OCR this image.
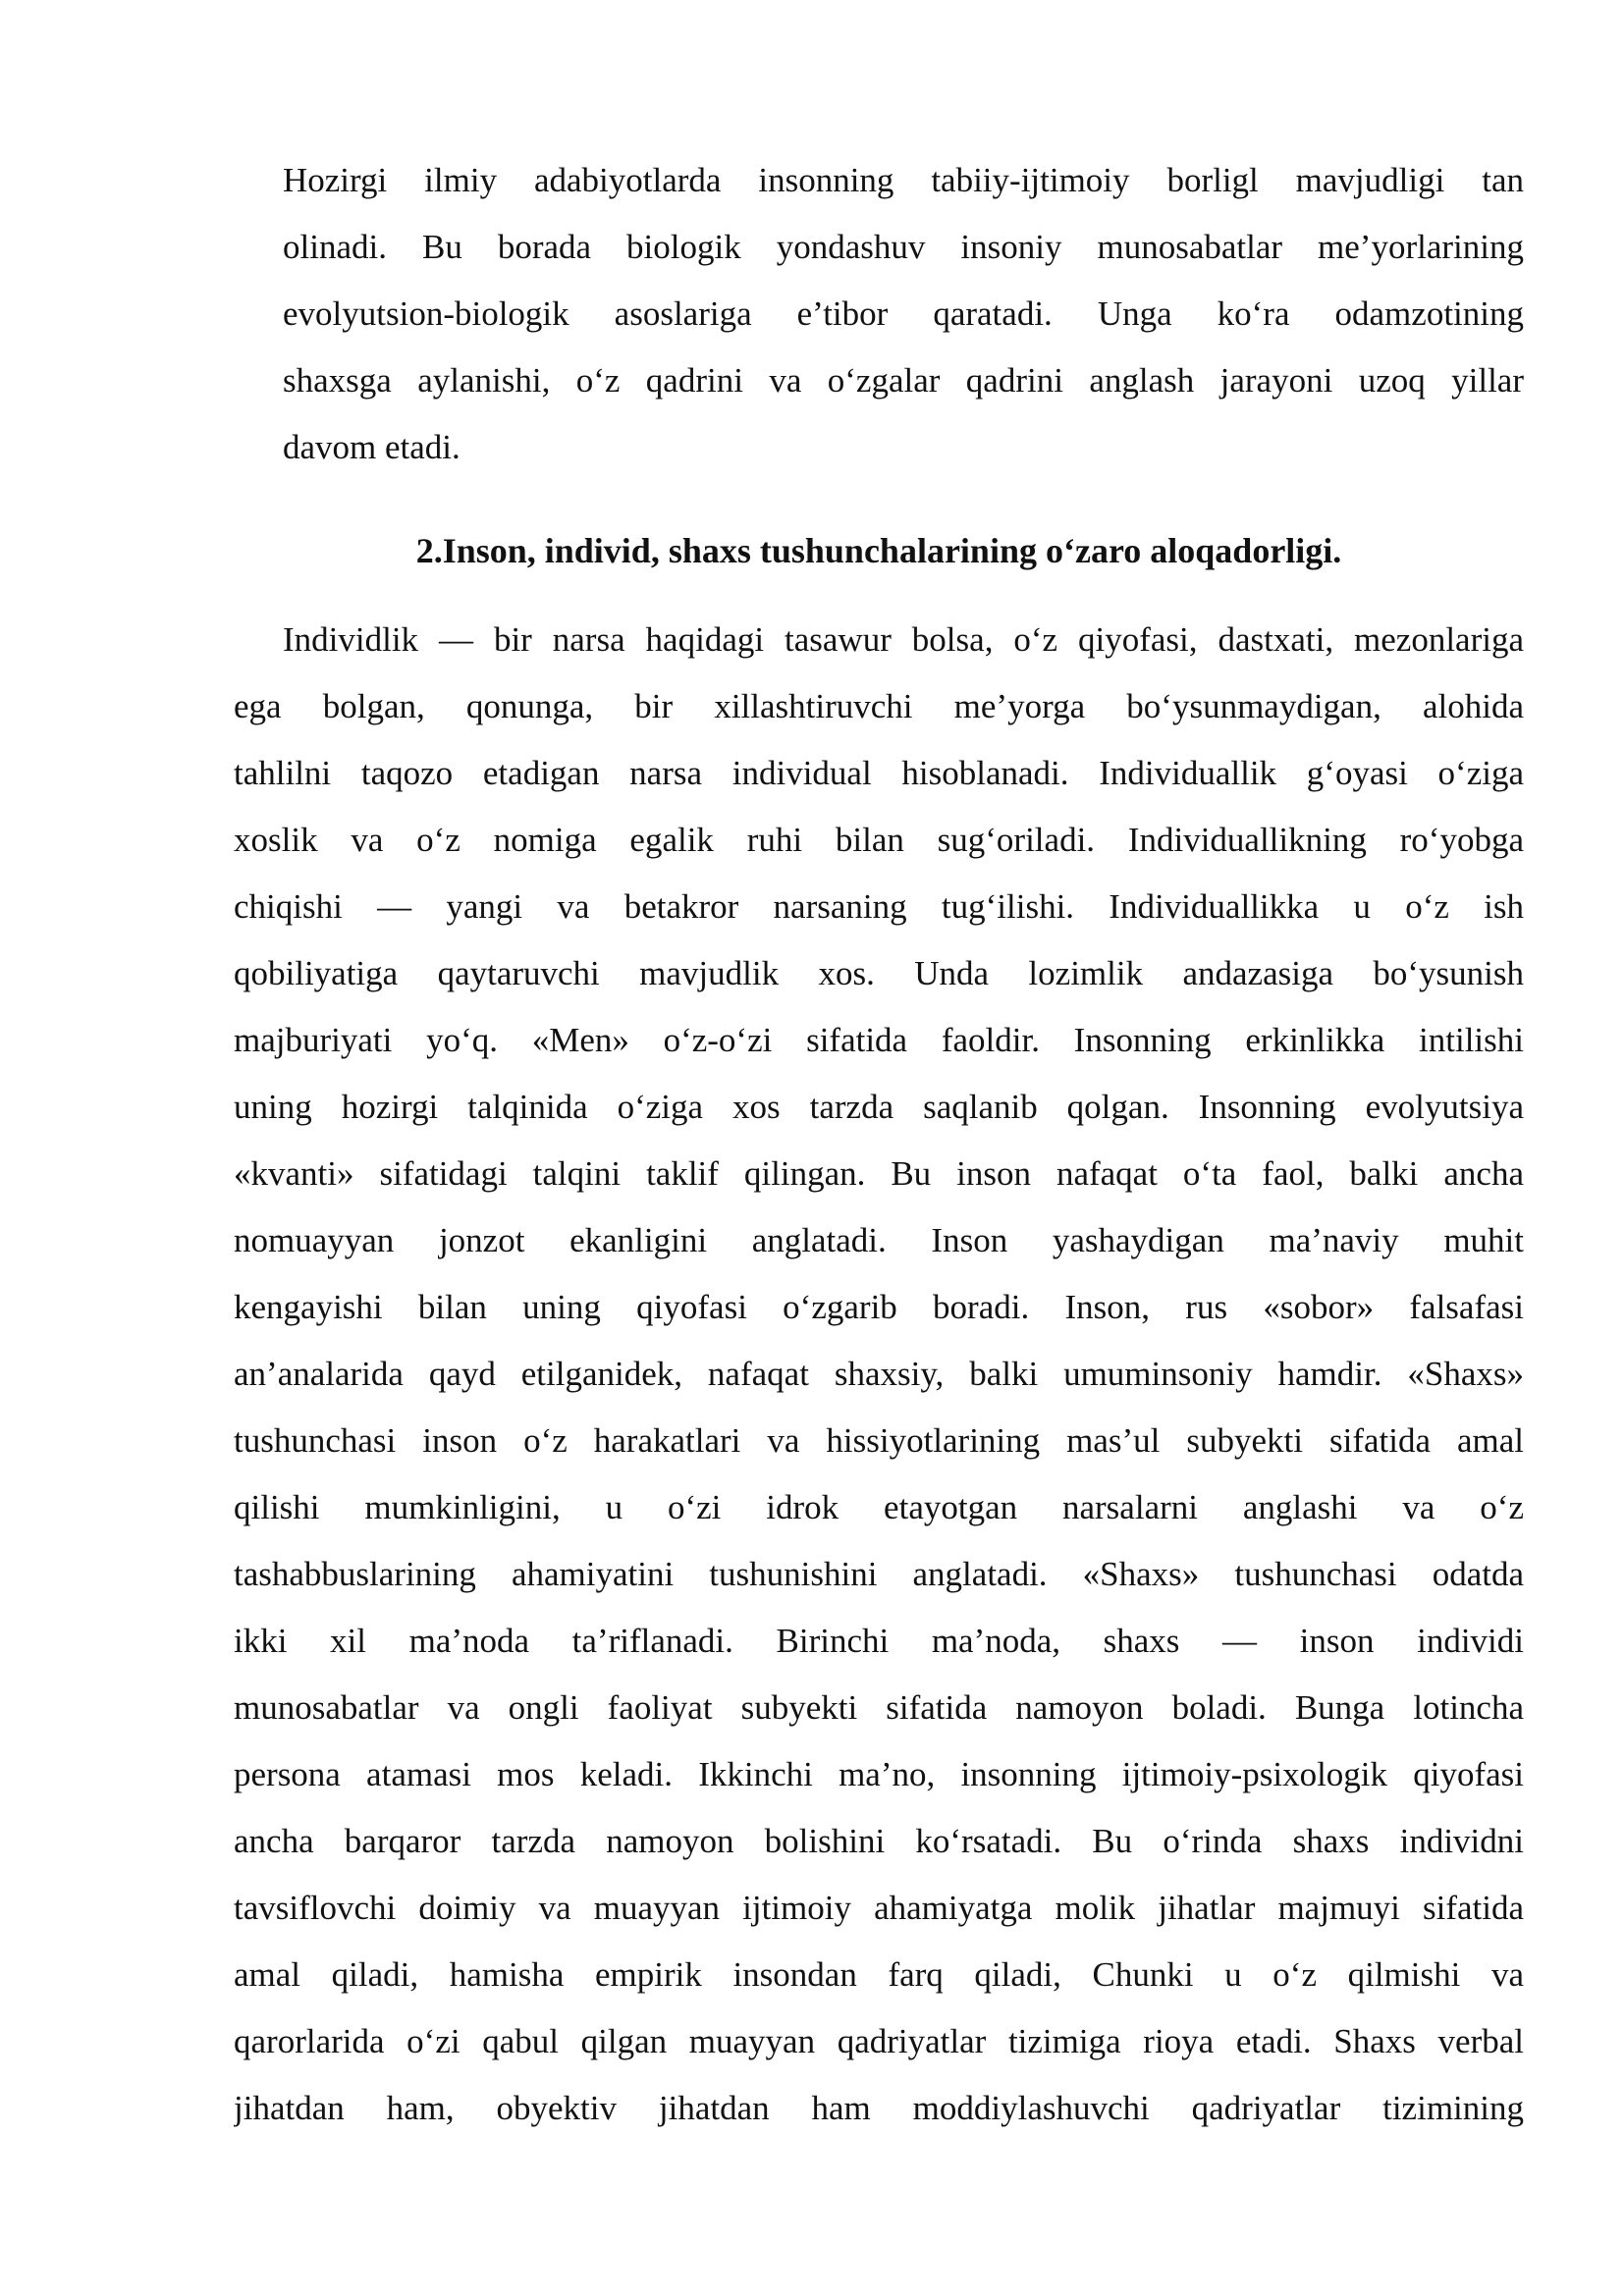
Hozirgi ilmiy adabiyotlarda insonning tabiiy-ijtimoiy borligl mavjudligi tan
olinadi. Bu borada biologik yondashuv insoniy munosabatlar me’yorlarining
evolyutsion-biologik asoslariga e’tibor qaratadi. Unga ko‘ra odamzotining
shaxsga aylanishi, o‘z qadrini va o‘zgalar qadrini anglash jarayoni uzoq yillar
davom etadi.
2.Inson, individ, shaxs tushunchalarining o‘zaro aloqadorligi.
Individlik — bir narsa haqidagi tasawur bolsa, o‘z qiyofasi, dastxati, mezonlariga
ega bolgan, qonunga, bir xillashtiruvchi me’yorga bo‘ysunmaydigan, alohida
tahlilni taqozo etadigan narsa individual hisoblanadi. Individuallik g‘oyasi o‘ziga
xoslik va o‘z nomiga egalik ruhi bilan sug‘oriladi. Individuallikning ro‘yobga
chiqishi — yangi va betakror narsaning tug‘ilishi. Individuallikka u o‘z ish
qobiliyatiga qaytaruvchi mavjudlik xos. Unda lozimlik andazasiga bo‘ysunish
majburiyati yo‘q. «Men» o‘z-o‘zi sifatida faoldir. Insonning erkinlikka intilishi
uning hozirgi talqinida o‘ziga xos tarzda saqlanib qolgan. Insonning evolyutsiya
«kvanti» sifatidagi talqini taklif qilingan. Bu inson nafaqat o‘ta faol, balki ancha
nomuayyan jonzot ekanligini anglatadi. Inson yashaydigan ma’naviy muhit
kengayishi bilan uning qiyofasi o‘zgarib boradi. Inson, rus «sobor» falsafasi
an’analarida qayd etilganidek, nafaqat shaxsiy, balki umuminsoniy hamdir. «Shaxs»
tushunchasi inson o‘z harakatlari va hissiyotlarining mas’ul subyekti sifatida amal
qilishi mumkinligini, u o‘zi idrok etayotgan narsalarni anglashi va o‘z
tashabbuslarining ahamiyatini tushunishini anglatadi. «Shaxs» tushunchasi odatda
ikki xil ma’noda ta’riflanadi. Birinchi ma’noda, shaxs — inson individi
munosabatlar va ongli faoliyat subyekti sifatida namoyon boladi. Bunga lotincha
persona atamasi mos keladi. Ikkinchi ma’no, insonning ijtimoiy-psixologik qiyofasi
ancha barqaror tarzda namoyon bolishini ko‘rsatadi. Bu o‘rinda shaxs individni
tavsiflovchi doimiy va muayyan ijtimoiy ahamiyatga molik jihatlar majmuyi sifatida
amal qiladi, hamisha empirik insondan farq qiladi, Chunki u o‘z qilmishi va
qarorlarida o‘zi qabul qilgan muayyan qadriyatlar tizimiga rioya etadi. Shaxs verbal
jihatdan ham, obyektiv jihatdan ham moddiylashuvchi qadriyatlar tizimining
